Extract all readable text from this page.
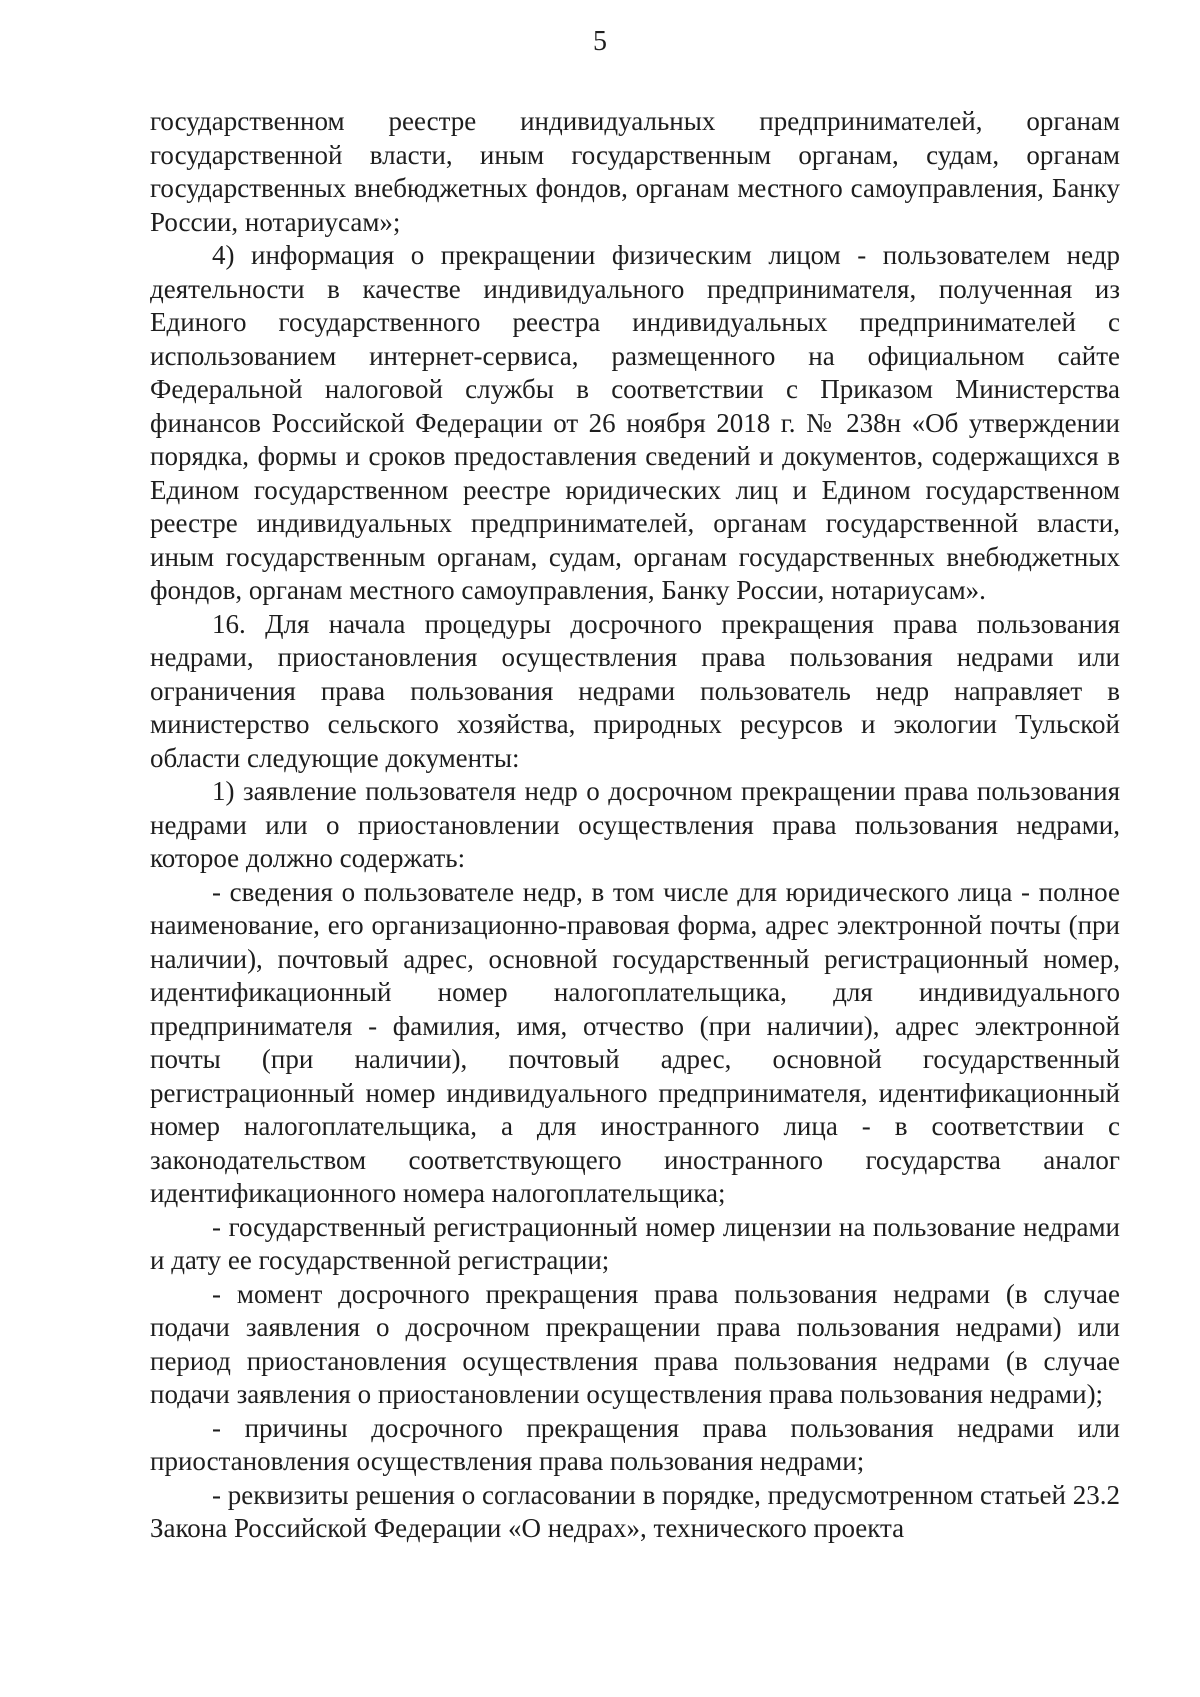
5

государственном реестре индивидуальных предпринимателей, органам государственной власти, иным государственным органам, судам, органам государственных внебюджетных фондов, органам местного самоуправления, Банку России, нотариусам»;

4) информация о прекращении физическим лицом - пользователем недр деятельности в качестве индивидуального предпринимателя, полученная из Единого государственного реестра индивидуальных предпринимателей с использованием интернет-сервиса, размещенного на официальном сайте Федеральной налоговой службы в соответствии с Приказом Министерства финансов Российской Федерации от 26 ноября 2018 г. № 238н «Об утверждении порядка, формы и сроков предоставления сведений и документов, содержащихся в Едином государственном реестре юридических лиц и Едином государственном реестре индивидуальных предпринимателей, органам государственной власти, иным государственным органам, судам, органам государственных внебюджетных фондов, органам местного самоуправления, Банку России, нотариусам».

16. Для начала процедуры досрочного прекращения права пользования недрами, приостановления осуществления права пользования недрами или ограничения права пользования недрами пользователь недр направляет в министерство сельского хозяйства, природных ресурсов и экологии Тульской области следующие документы:

1) заявление пользователя недр о досрочном прекращении права пользования недрами или о приостановлении осуществления права пользования недрами, которое должно содержать:

- сведения о пользователе недр, в том числе для юридического лица - полное наименование, его организационно-правовая форма, адрес электронной почты (при наличии), почтовый адрес, основной государственный регистрационный номер, идентификационный номер налогоплательщика, для индивидуального предпринимателя - фамилия, имя, отчество (при наличии), адрес электронной почты (при наличии), почтовый адрес, основной государственный регистрационный номер индивидуального предпринимателя, идентификационный номер налогоплательщика, а для иностранного лица - в соответствии с законодательством соответствующего иностранного государства аналог идентификационного номера налогоплательщика;

- государственный регистрационный номер лицензии на пользование недрами и дату ее государственной регистрации;

- момент досрочного прекращения права пользования недрами (в случае подачи заявления о досрочном прекращении права пользования недрами) или период приостановления осуществления права пользования недрами (в случае подачи заявления о приостановлении осуществления права пользования недрами);

- причины досрочного прекращения права пользования недрами или приостановления осуществления права пользования недрами;

- реквизиты решения о согласовании в порядке, предусмотренном статьей 23.2 Закона Российской Федерации «О недрах», технического проекта
